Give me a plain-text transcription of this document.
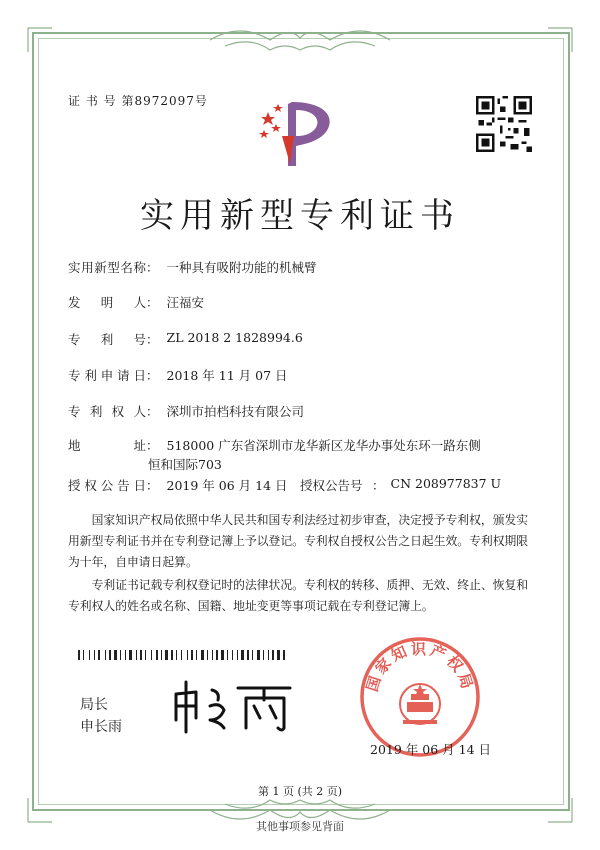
证 书 号 第8972097号
实用新型专利证书
实用新型名称 ： 一种具有吸附功能的机械臂
发 明 人 ： 汪福安
专 利 号 ： ZL 2018 2 1828994.6
专利申请日 ： 2018 年 11 月 07 日
专 利 权 人 ： 深圳市拍档科技有限公司
地 址 ： 518000 广东省深圳市龙华新区龙华办事处东环一路东侧
恒和国际703
授权公告日 ： 2019 年 06 月 14 日 授权公告号 ： CN 208977837 U
国家知识产权局依照中华人民共和国专利法经过初步审查，决定授予专利权，颁发实用新型专利证书并在专利登记簿上予以登记。专利权自授权公告之日起生效。专利权期限为十年，自申请日起算。
专利证书记载专利权登记时的法律状况。专利权的转移、质押、无效、终止、恢复和专利权人的姓名或名称、国籍、地址变更等事项记载在专利登记簿上。
局长
申长雨
国家知识产权局
2019 年 06 月 14 日
第 1 页 (共 2 页)
其他事项参见背面
